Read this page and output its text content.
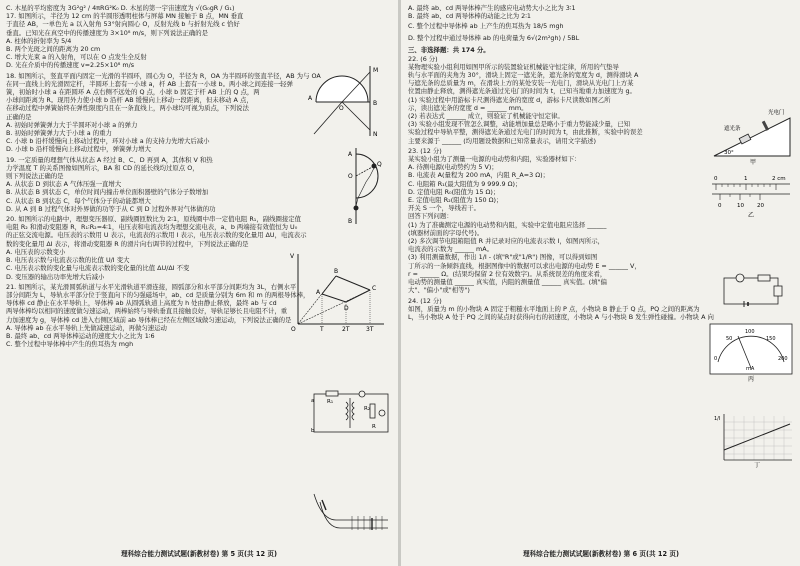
C. 木星的平均密度为 3G²g² / 4πRG²K₀ D. 木星的第一宇宙速度为 √(G₀gR / G₁)
17. 如图所示，半径为 12 cm 的半圆形透明柱体与屏幕 MN 接触于 B 点，MN 垂直
于直径 AB，一单色光 a 以入射角 53°射向圆心 O，反射光线 b 与折射光线 c 恰好
垂直。已知光在真空中的传播速度为 3×10⁸ m/s，则下列说法正确的是
A. 柱体的折射率为 5/4
B. 两个光斑之间的距离为 20 cm
C. 增大光束 a 的入射角，可以在 O 点发生全反射
D. 光在介质中的传播速度 v=2.25×10⁸ m/s
18. 如图所示，竖直平面内固定一光滑的半圆环，圆心为 O，半径为 R，OA 为半圆环的竖直半径，AB 为与 OA
在同一直线上的光滑固定杆，半圆环上套有一小球 a，杆 AB 上套有一小球 b。两小球之间连接一轻弹
簧，初始时小球 a 在距圆环 A 点右侧不远处的 Q 点，小球 b 固定于杆 AB 上的 Q 点，两
小球间距离为 R。现用外力使小球 b 沿杆 AB 缓慢向上移动一段距离，但未移动 A 点，
在移动过程中弹簧始终在弹性限度内且在一条直线上，两小球均可视为质点，下列说法
正确的是
A. 初始时弹簧弹力大于半圆环对小球 a 的弹力
B. 初始时弹簧弹力大于小球 a 的重力
C. 小球 b 沿杆缓慢向上移动过程中，环对小球 a 的支持力先增大后减小
D. 小球 b 沿杆缓慢向上移动过程中，弹簧弹力增大
19. 一定质量的理想气体从状态 A 经过 B、C、D 再到 A，其体积 V 和热
力学温度 T 的关系图像如图所示，BA 和 CD 的延长线均过原点 O，
则下列说法正确的是
A. 从状态 D 到状态 A 气体压强一直增大
B. 从状态 B 到状态 C，单位时间内撞击单位面积器壁的气体分子数增加
C. 从状态 B 到状态 C，每个气体分子的动能都增大
D. 从 A 到 B 过程气体对外界做的功等于从 C 到 D 过程外界对气体做的功
20. 如图所示的电路中，理想变压器原、副线圈匝数比为 2∶1，原线圈中串一定值电阻 R₁，副线圈接定值
电阻 R₂ 和滑动变阻器 R，R₁∶R₂=4∶1，电压表和电流表均为理想交流电表，a、b 两端接有效值恒为 U₀
的正弦交流电源。电压表的示数用 U 表示，电流表的示数用 I 表示，电压表示数的变化量用 ΔU，电流表示
数的变化量用 ΔI 表示，将滑动变阻器 R 的滑片向右调节的过程中，下列说法正确的是
A. 电压表的示数变小
B. 电压表示数与电流表示数的比值 U/I 变大
C. 电压表示数的变化量与电流表示数的变化量的比值 ΔU/ΔI 不变
D. 变压器的输出功率先增大后减小
21. 如图所示，某光滑圆弧轨道与水平光滑轨道平滑连接，圆弧部分和水平部分间距均为 3L，右侧水平
部分间距为 L，导轨水平部分位于竖直向下的匀强磁场中，ab、cd 是质量分别为 6m 和 m 的两根导体棒，
导体棒 cd 静止在水平导轨上，导体棒 ab 从圆弧轨道上高度为 h 处由静止释放，最终 ab 与 cd
两导体棒均以相同的速度做匀速运动，两棒始终与导轨垂直且接触良好，导轨足够长且电阻不计，重
力加速度为 g，导体棒 cd 进入右侧区域前 ab 导体棒已经在左侧区域做匀速运动，下列说法正确的是
A. 导体棒 ab 在水平导轨上先做减速运动，再做匀速运动
B. 最终 ab、cd 两导体棒运动的速度大小之比为 1∶6
C. 整个过程中导体棒中产生的焦耳热为 mgh
M
A
O
B
N
A
O
Q
B
V
A
B
C
D
O	T	2T	3T
R₁
a
b
R₂
R
理科综合能力测试试题(新教材卷) 第 5 页(共 12 页)
A. 最终 ab、cd 两导体棒产生的感应电动势大小之比为 3∶1
B. 最终 ab、cd 两导体棒的动能之比为 2∶1
C. 整个过程中导体棒 ab 上产生的焦耳热为 18/5 mgh
D. 整个过程中通过导体棒 ab 的电荷量为 6√(2m²gh) / 5BL
三、非选择题：共 174 分。
22. (6 分)
某物理实验小组利用如图甲所示的装置验证机械能守恒定律，所用的气垫导
轨与水平面的夹角为 30°，滑块上固定一遮光条，遮光条的宽度为 d，测得滑块 A
与遮光条的总质量为 m，在滑块上方的某处安装一光电门，滑块从光电门上方某
位置由静止释放，测得遮光条通过光电门的时间为 t，已知当地重力加速度为 g。
(1) 实验过程中用游标卡尺测得遮光条的宽度 d，游标卡尺读数如图乙所
示，读出遮光条的宽度 d = ______ mm。
(2) 若表达式 ______ 成立，则验证了机械能守恒定律。
(3) 实验小组发现不管怎么调整，动能增加量总是略小于重力势能减少量，已知
实验过程中导轨平整，测得遮光条通过光电门的时间为 t，由此推断，实验中的误差
主要来源于 ______ (均用题设数据和已知常量表示，请用文字描述)
23. (12 分)
某实验小组为了测量一电源的电动势和内阻，实验器材如下：
A. 待测电源(电动势约为 5 V)；
B. 电流表 A(量程为 200 mA，内阻 R_A=3 Ω)；
C. 电阻箱 R₁(最大阻值为 9 999.9 Ω)；
D. 定值电阻 R₀(阻值为 15 Ω)；
E. 定值电阻 R₂(阻值为 150 Ω)；
开关 S 一个，导线若干。
回答下列问题：
(1) 为了准确测定电源的电动势和内阻，实验中定值电阻应选择 ______
(填器材前面的字母代号)。
(2) 多次调节电阻箱阻值 R 并记录对应的电流表示数 I，如图丙所示，
电流表的示数为 ______ mA。
(3) 利用测量数据，作出 1/I - (填"R"或"1/R") 图像，可以得到如图
丁所示的一条倾斜直线，根据图像中的数据可以求出电源的电动势 E = ______ V，
r = ______ Ω。(结果均保留 2 位有效数字)。从系统误差的角度来看，
电动势的测量值 ______ 真实值，内阻的测量值 ______ 真实值。(填"偏
大"、"偏小"或"相等")
24. (12 分)
如图，质量为 m 的小物块 A 固定于粗糙水平地面上的 P 点，小物块 B 静止于 Q 点，PQ 之间的距离为
L，当小物块 A 处于 PQ 之间的某点时获得向右的初速度，小物块 A 与小物块 B 发生弹性碰撞。小物块 A 向
遮光条
光电门
30°
甲
0	1	2 cm
0	10 20
乙
0
50
100
150
200
mA
丙
1/I
丁
理科综合能力测试试题(新教材卷) 第 6 页(共 12 页)
